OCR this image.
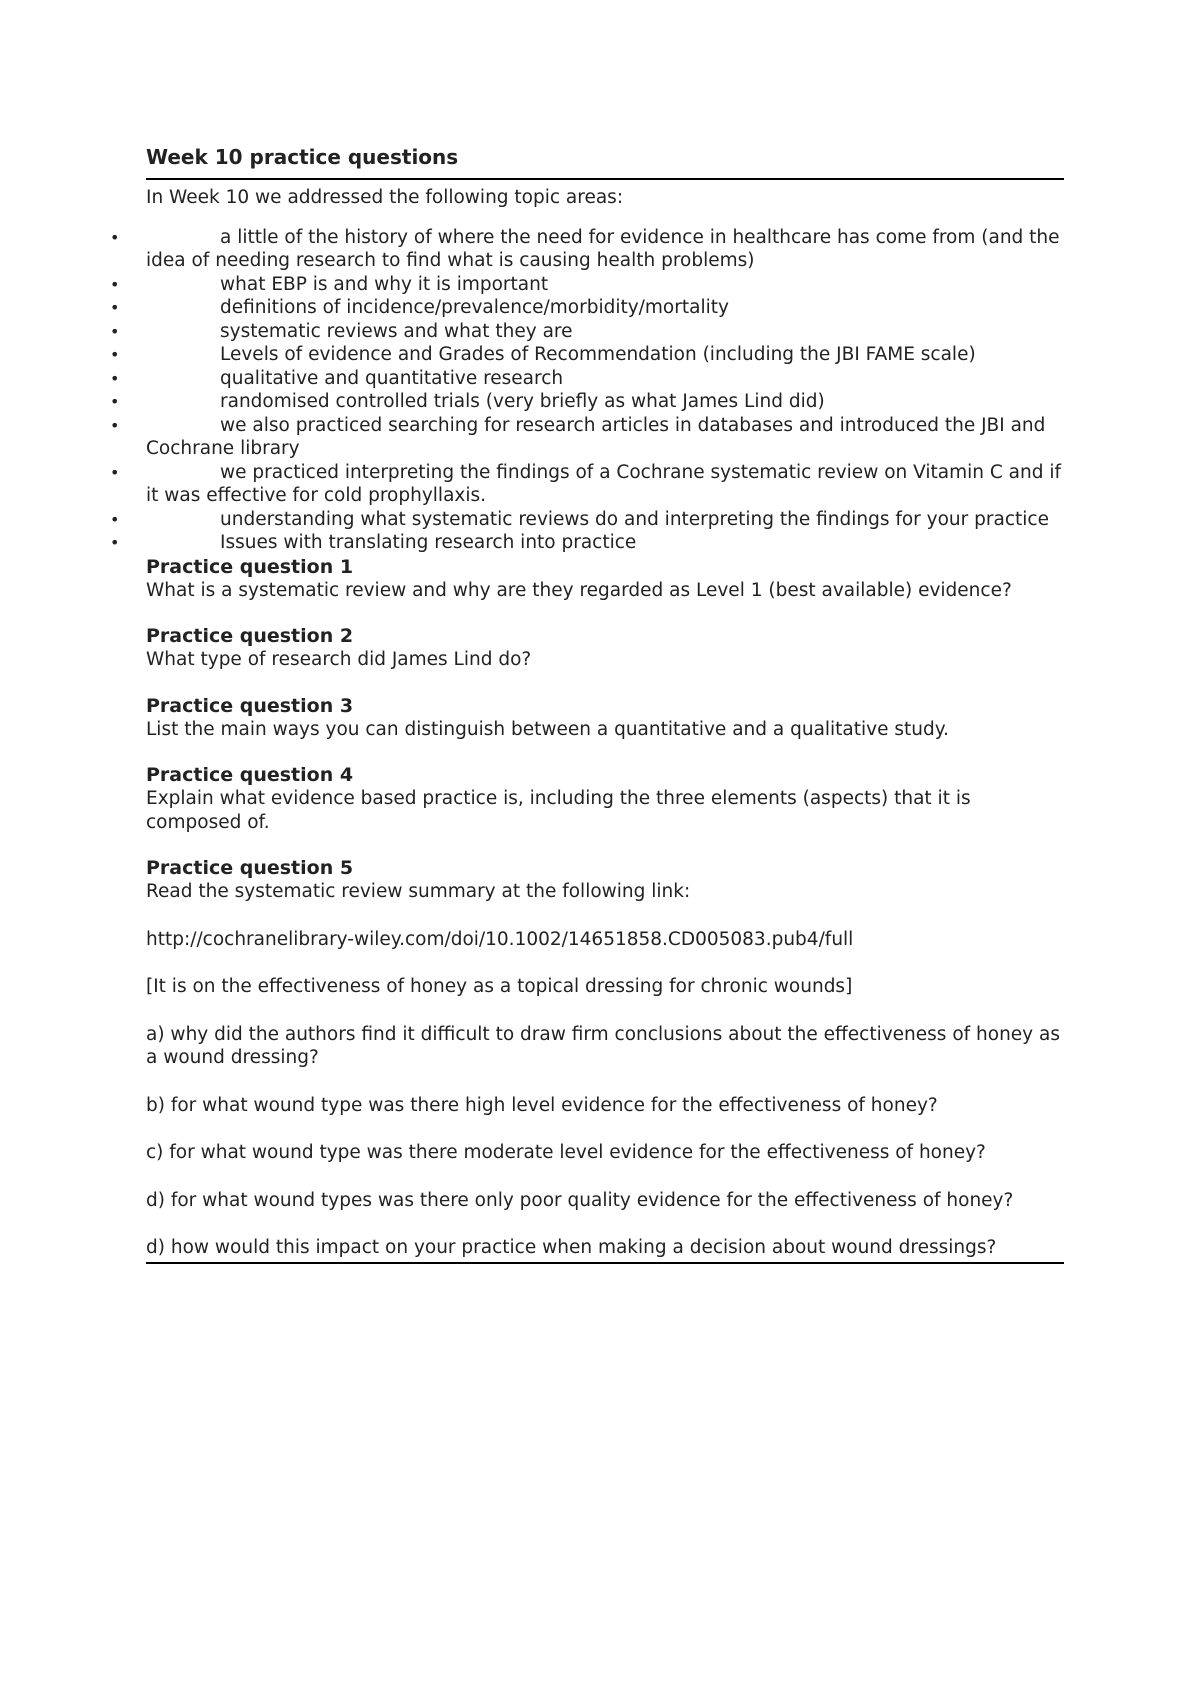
Week 10 practice questions
In Week 10 we addressed the following topic areas:
•	a little of the history of where the need for evidence in healthcare has come from (and the idea of needing research to find what is causing health problems)
•	what EBP is and why it is important
•	definitions of incidence/prevalence/morbidity/mortality
•	systematic reviews and what they are
•	Levels of evidence and Grades of Recommendation (including the JBI FAME scale)
•	qualitative and quantitative research
•	randomised controlled trials (very briefly as what James Lind did)
•	we also practiced searching for research articles in databases and introduced the JBI and Cochrane library
•	we practiced interpreting the findings of a Cochrane systematic review on Vitamin C and if it was effective for cold prophyllaxis.
•	understanding what systematic reviews do and interpreting the findings for your practice
•	Issues with translating research into practice
Practice question 1
What is a systematic review and why are they regarded as Level 1 (best available) evidence?
Practice question 2
What type of research did James Lind do?
Practice question 3
List the main ways you can distinguish between a quantitative and a qualitative study.
Practice question 4
Explain what evidence based practice is, including the three elements (aspects) that it is composed of.
Practice question 5
Read the systematic review summary at the following link:
http://cochranelibrary-wiley.com/doi/10.1002/14651858.CD005083.pub4/full
[It is on the effectiveness of honey as a topical dressing for chronic wounds]
a) why did the authors find it difficult to draw firm conclusions about the effectiveness of honey as a wound dressing?
b) for what wound type was there high level evidence for the effectiveness of honey?
c) for what wound type was there moderate level evidence for the effectiveness of honey?
d) for what wound types was there only poor quality evidence for the effectiveness of honey?
d) how would this impact on your practice when making a decision about wound dressings?
